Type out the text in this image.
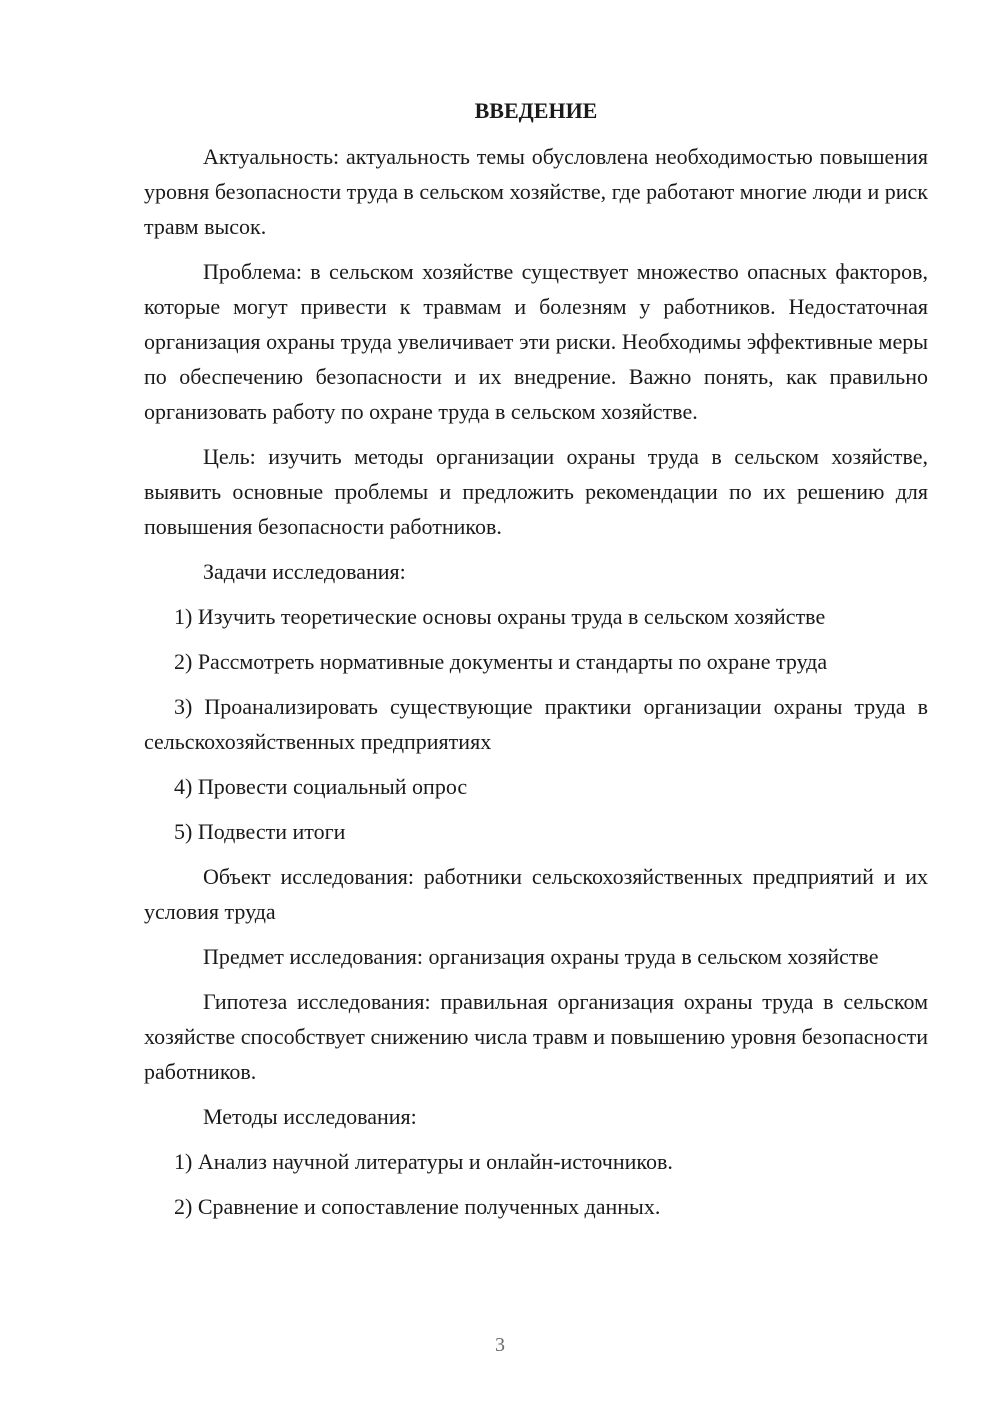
ВВЕДЕНИЕ

Актуальность: актуальность темы обусловлена необходимостью повышения уровня безопасности труда в сельском хозяйстве, где работают многие люди и риск травм высок.

Проблема: в сельском хозяйстве существует множество опасных факторов, которые могут привести к травмам и болезням у работников. Недостаточная организация охраны труда увеличивает эти риски. Необходимы эффективные меры по обеспечению безопасности и их внедрение. Важно понять, как правильно организовать работу по охране труда в сельском хозяйстве.

Цель: изучить методы организации охраны труда в сельском хозяйстве, выявить основные проблемы и предложить рекомендации по их решению для повышения безопасности работников.

Задачи исследования:

1) Изучить теоретические основы охраны труда в сельском хозяйстве

2) Рассмотреть нормативные документы и стандарты по охране труда

3) Проанализировать существующие практики организации охраны труда в сельскохозяйственных предприятиях

4) Провести социальный опрос

5) Подвести итоги

Объект исследования: работники сельскохозяйственных предприятий и их условия труда

Предмет исследования: организация охраны труда в сельском хозяйстве

Гипотеза исследования: правильная организация охраны труда в сельском хозяйстве способствует снижению числа травм и повышению уровня безопасности работников.

Методы исследования:

1) Анализ научной литературы и онлайн-источников.

2) Сравнение и сопоставление полученных данных.

3
